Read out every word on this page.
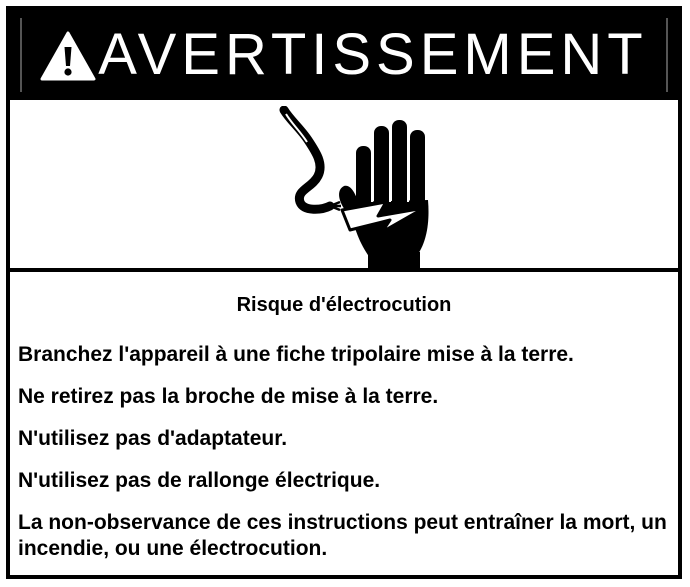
AVERTISSEMENT
Risque d'électrocution
Branchez l'appareil à une fiche tripolaire mise à la terre.
Ne retirez pas la broche de mise à la terre.
N'utilisez pas d'adaptateur.
N'utilisez pas de rallonge électrique.
La non-observance de ces instructions peut entraîner la mort, un incendie, ou une électrocution.
